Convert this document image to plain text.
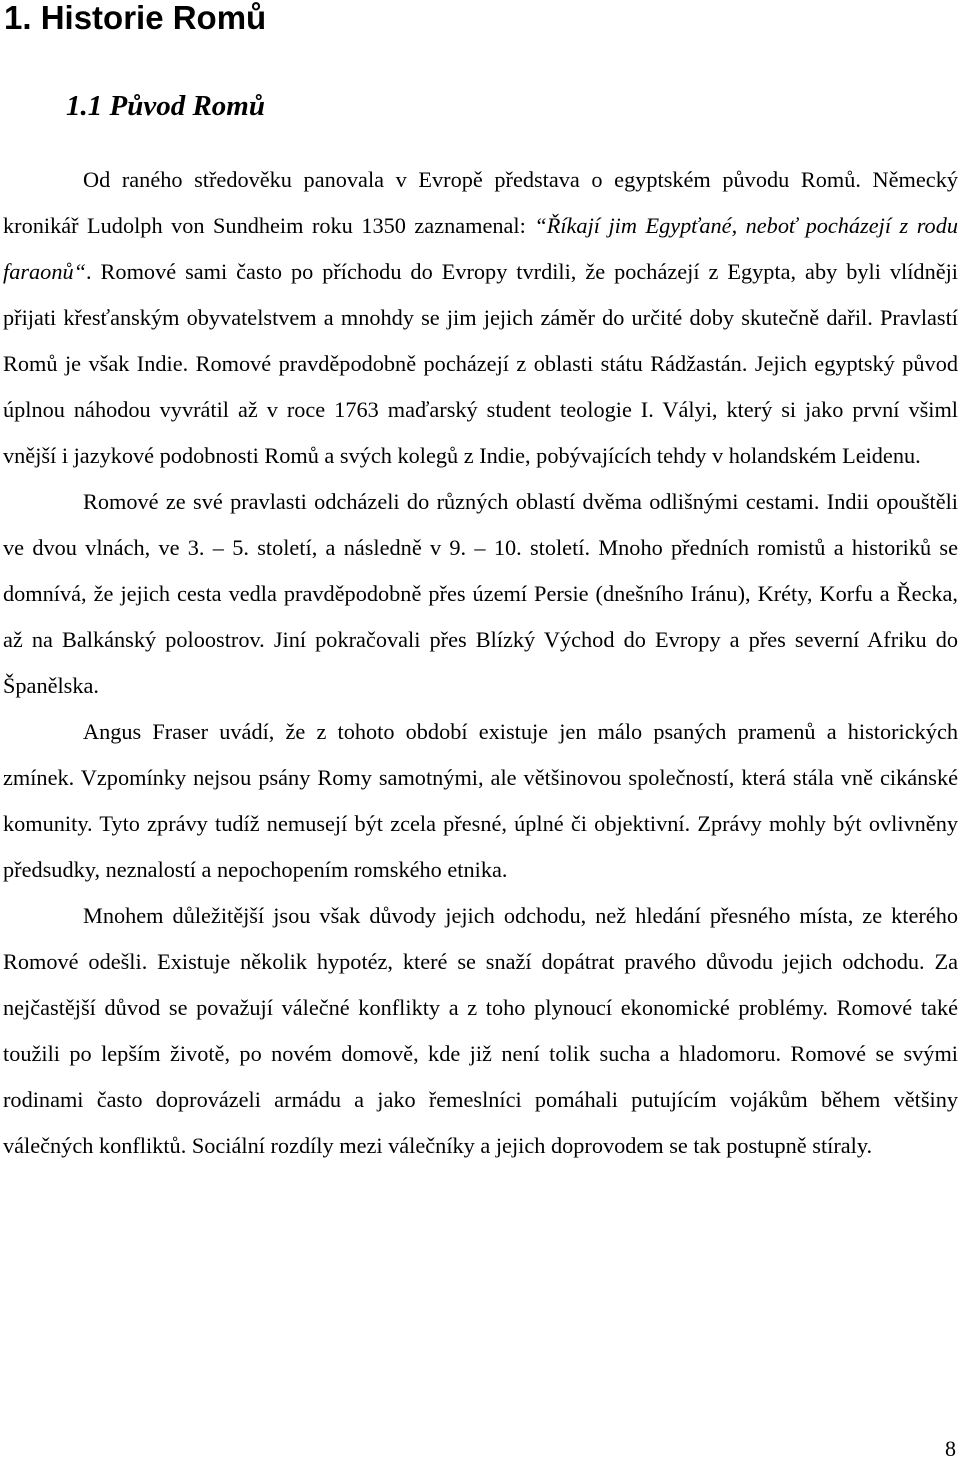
1. Historie Romů
1.1 Původ Romů

Od raného středověku panovala v Evropě představa o egyptském původu Romů. Německý kronikář Ludolph von Sundheim roku 1350 zaznamenal: “Říkají jim Egypťané, neboť pocházejí z rodu faraonů“. Romové sami často po příchodu do Evropy tvrdili, že pocházejí z Egypta, aby byli vlídněji přijati křesťanským obyvatelstvem a mnohdy se jim jejich záměr do určité doby skutečně dařil. Pravlastí Romů je však Indie. Romové pravděpodobně pocházejí z oblasti státu Rádžastán. Jejich egyptský původ úplnou náhodou vyvrátil až v roce 1763 maďarský student teologie I. Vályi, který si jako první všiml vnější i jazykové podobnosti Romů a svých kolegů z Indie, pobývajících tehdy v holandském Leidenu.

Romové ze své pravlasti odcházeli do různých oblastí dvěma odlišnými cestami. Indii opouštěli ve dvou vlnách, ve 3. – 5. století, a následně v 9. – 10. století. Mnoho předních romistů a historiků se domnívá, že jejich cesta vedla pravděpodobně přes území Persie (dnešního Iránu), Kréty, Korfu a Řecka, až na Balkánský poloostrov. Jiní pokračovali přes Blízký Východ do Evropy a přes severní Afriku do Španělska.

Angus Fraser uvádí, že z tohoto období existuje jen málo psaných pramenů a historických zmínek. Vzpomínky nejsou psány Romy samotnými, ale většinovou společností, která stála vně cikánské komunity. Tyto zprávy tudíž nemusejí být zcela přesné, úplné či objektivní. Zprávy mohly být ovlivněny předsudky, neznalostí a nepochopením romského etnika.

Mnohem důležitější jsou však důvody jejich odchodu, než hledání přesného místa, ze kterého Romové odešli. Existuje několik hypotéz, které se snaží dopátrat pravého důvodu jejich odchodu. Za nejčastější důvod se považují válečné konflikty a z toho plynoucí ekonomické problémy. Romové také toužili po lepším životě, po novém domově, kde již není tolik sucha a hladomoru. Romové se svými rodinami často doprovázeli armádu a jako řemeslníci pomáhali putujícím vojákům během většiny válečných konfliktů. Sociální rozdíly mezi válečníky a jejich doprovodem se tak postupně stíraly.

8
